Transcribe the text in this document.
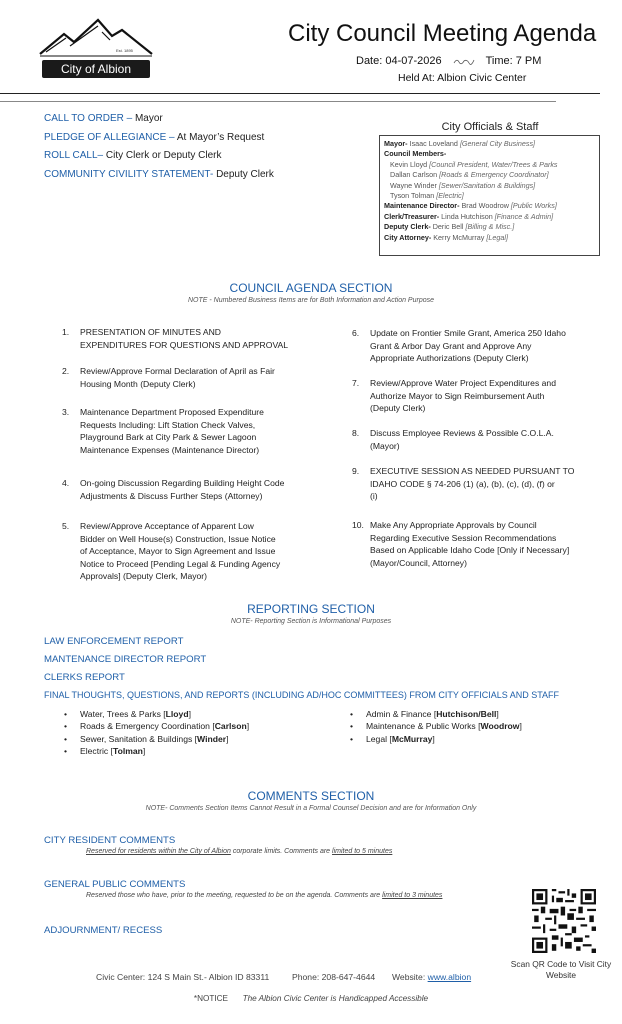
Est. 1895
City of Albion
City Council Meeting Agenda
Date: 04-07-2026	Time: 7 PM
Held At: Albion Civic Center
CALL TO ORDER – Mayor
PLEDGE OF ALLEGIANCE – At Mayor’s Request
ROLL CALL– City Clerk or Deputy Clerk
COMMUNITY CIVILITY STATEMENT- Deputy Clerk
City Officials & Staff
Mayor- Isaac Loveland [General City Business]
Council Members-
Kevin Lloyd [Council President, Water/Trees & Parks
Dallan Carlson [Roads & Emergency Coordinator]
Wayne Winder [Sewer/Sanitation & Buildings]
Tyson Tolman [Electric]
Maintenance Director- Brad Woodrow [Public Works]
Clerk/Treasurer- Linda Hutchison [Finance & Admin]
Deputy Clerk- Deric Bell [Billing & Misc.]
City Attorney- Kerry McMurray [Legal]
COUNCIL AGENDA SECTION
NOTE - Numbered Business Items are for Both Information and Action Purpose
1. PRESENTATION OF MINUTES AND
EXPENDITURES FOR QUESTIONS AND APPROVAL
2. Review/Approve Formal Declaration of April as Fair
Housing Month (Deputy Clerk)
3. Maintenance Department Proposed Expenditure
Requests Including: Lift Station Check Valves,
Playground Bark at City Park & Sewer Lagoon
Maintenance Expenses (Maintenance Director)
4. On-going Discussion Regarding Building Height Code
Adjustments & Discuss Further Steps (Attorney)
5. Review/Approve Acceptance of Apparent Low
Bidder on Well House(s) Construction, Issue Notice
of Acceptance, Mayor to Sign Agreement and Issue
Notice to Proceed [Pending Legal & Funding Agency
Approvals] (Deputy Clerk, Mayor)
6. Update on Frontier Smile Grant, America 250 Idaho
Grant & Arbor Day Grant and Approve Any
Appropriate Authorizations (Deputy Clerk)
7. Review/Approve Water Project Expenditures and
Authorize Mayor to Sign Reimbursement Auth
(Deputy Clerk)
8. Discuss Employee Reviews & Possible C.O.L.A.
(Mayor)
9. EXECUTIVE SESSION AS NEEDED PURSUANT TO
IDAHO CODE § 74-206 (1) (a), (b), (c), (d), (f) or
(i)
10. Make Any Appropriate Approvals by Council
Regarding Executive Session Recommendations
Based on Applicable Idaho Code [Only if Necessary]
(Mayor/Council, Attorney)
REPORTING SECTION
NOTE- Reporting Section is Informational Purposes
LAW ENFORCEMENT REPORT
MANTENANCE DIRECTOR REPORT
CLERKS REPORT
FINAL THOUGHTS, QUESTIONS, AND REPORTS (INCLUDING AD/HOC COMMITTEES) FROM CITY OFFICIALS AND STAFF
• Water, Trees & Parks [Lloyd]
• Roads & Emergency Coordination [Carlson]
• Sewer, Sanitation & Buildings [Winder]
• Electric [Tolman]
• Admin & Finance [Hutchison/Bell]
• Maintenance & Public Works [Woodrow]
• Legal [McMurray]
COMMENTS SECTION
NOTE- Comments Section Items Cannot Result in a Formal Counsel Decision and are for Information Only
CITY RESIDENT COMMENTS
Reserved for residents within the City of Albion corporate limits. Comments are limited to 5 minutes
GENERAL PUBLIC COMMENTS
Reserved those who have, prior to the meeting, requested to be on the agenda. Comments are limited to 3 minutes
ADJOURNMENT/ RECESS
Scan QR Code to Visit City
Website
Civic Center: 124 S Main St.- Albion ID 83311	Phone: 208-647-4644 Website: www.albion
*NOTICE The Albion Civic Center is Handicapped Accessible
